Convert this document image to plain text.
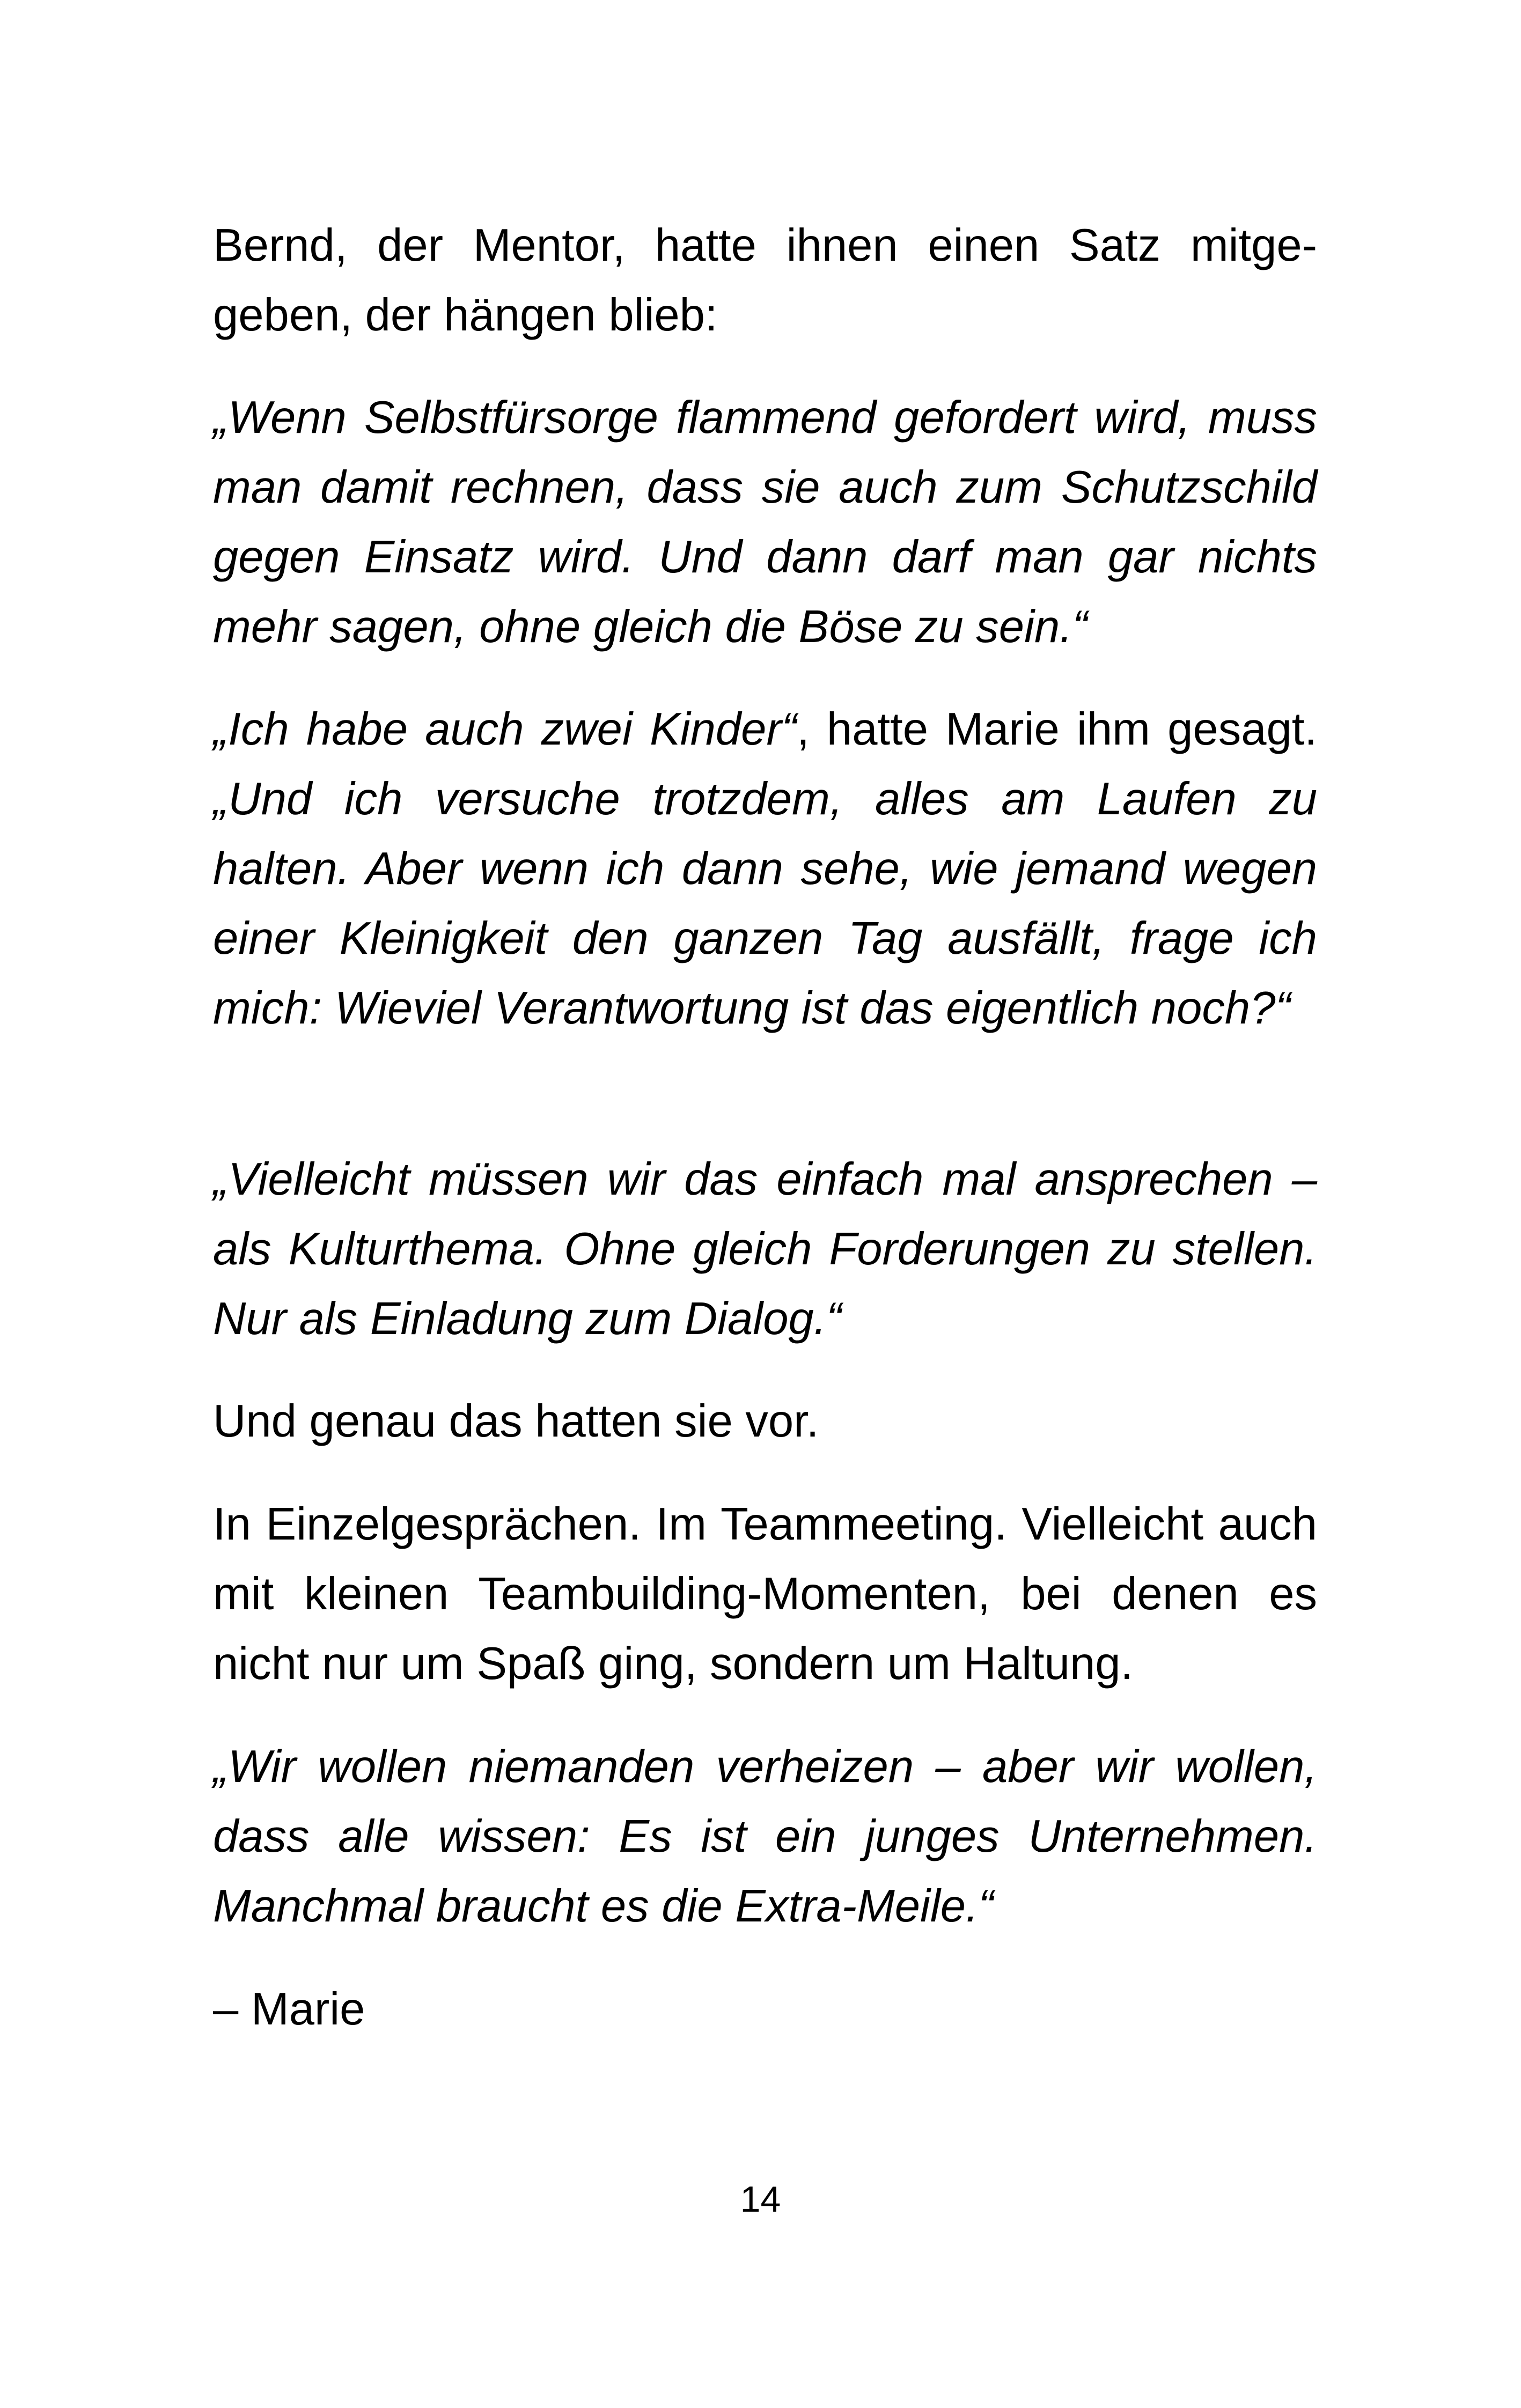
Bernd, der Mentor, hatte ihnen einen Satz mitge-geben, der hängen blieb:

„Wenn Selbstfürsorge flammend gefordert wird, muss man damit rechnen, dass sie auch zum Schutzschild gegen Einsatz wird. Und dann darf man gar nichts mehr sagen, ohne gleich die Böse zu sein.“

„Ich habe auch zwei Kinder“, hatte Marie ihm gesagt. „Und ich versuche trotzdem, alles am Laufen zu halten. Aber wenn ich dann sehe, wie jemand wegen einer Kleinigkeit den ganzen Tag ausfällt, frage ich mich: Wieviel Verantwortung ist das eigentlich noch?“

„Vielleicht müssen wir das einfach mal ansprechen – als Kulturthema. Ohne gleich Forderungen zu stellen. Nur als Einladung zum Dialog.“

Und genau das hatten sie vor.

In Einzelgesprächen. Im Teammeeting. Vielleicht auch mit kleinen Teambuilding-Momenten, bei denen es nicht nur um Spaß ging, sondern um Haltung.

„Wir wollen niemanden verheizen – aber wir wollen, dass alle wissen: Es ist ein junges Unternehmen. Manchmal braucht es die Extra-Meile.“

– Marie

14
